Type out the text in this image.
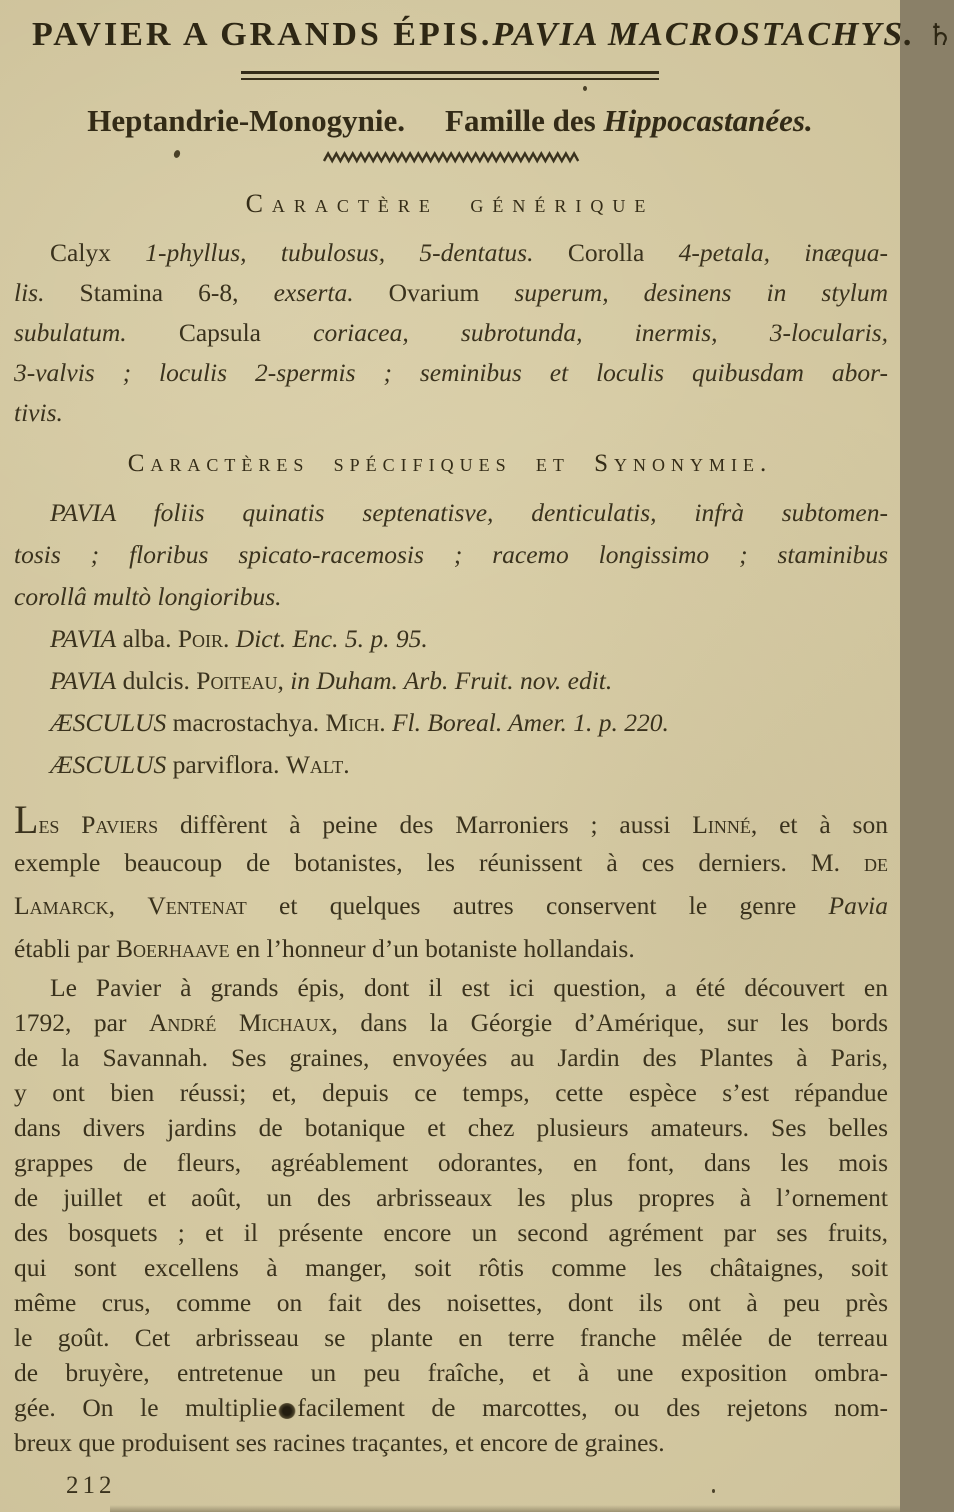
PAVIER A GRANDS ÉPIS. PAVIA MACROSTACHYS. ♄
Heptandrie-Monogynie. Famille des Hippocastanées.
Caractère générique
Calyx 1-phyllus, tubulosus, 5-dentatus. Corolla 4-petala, inæqua-
lis. Stamina 6-8, exserta. Ovarium superum, desinens in stylum
subulatum. Capsula coriacea, subrotunda, inermis, 3-locularis,
3-valvis ; loculis 2-spermis ; seminibus et loculis quibusdam abor-
tivis.
Caractères spécifiques et Synonymie.
PAVIA foliis quinatis septenatisve, denticulatis, infrà subtomen-
tosis ; floribus spicato-racemosis ; racemo longissimo ; staminibus
corollâ multò longioribus.
PAVIA alba. Poir. Dict. Enc. 5. p. 95.
PAVIA dulcis. Poiteau, in Duham. Arb. Fruit. nov. edit.
ÆSCULUS macrostachya. Mich. Fl. Boreal. Amer. 1. p. 220.
ÆSCULUS parviflora. Walt.
Les Paviers diffèrent à peine des Marroniers ; aussi Linné, et à son
exemple beaucoup de botanistes, les réunissent à ces derniers. M. de
Lamarck, Ventenat et quelques autres conservent le genre Pavia
établi par Boerhaave en l’honneur d’un botaniste hollandais.
Le Pavier à grands épis, dont il est ici question, a été découvert en
1792, par André Michaux, dans la Géorgie d’Amérique, sur les bords
de la Savannah. Ses graines, envoyées au Jardin des Plantes à Paris,
y ont bien réussi; et, depuis ce temps, cette espèce s’est répandue
dans divers jardins de botanique et chez plusieurs amateurs. Ses belles
grappes de fleurs, agréablement odorantes, en font, dans les mois
de juillet et août, un des arbrisseaux les plus propres à l’ornement
des bosquets ; et il présente encore un second agrément par ses fruits,
qui sont excellens à manger, soit rôtis comme les châtaignes, soit
même crus, comme on fait des noisettes, dont ils ont à peu près
le goût. Cet arbrisseau se plante en terre franche mêlée de terreau
de bruyère, entretenue un peu fraîche, et à une exposition ombra-
gée. On le multiplie facilement de marcottes, ou des rejetons nom-
breux que produisent ses racines traçantes, et encore de graines.
212
